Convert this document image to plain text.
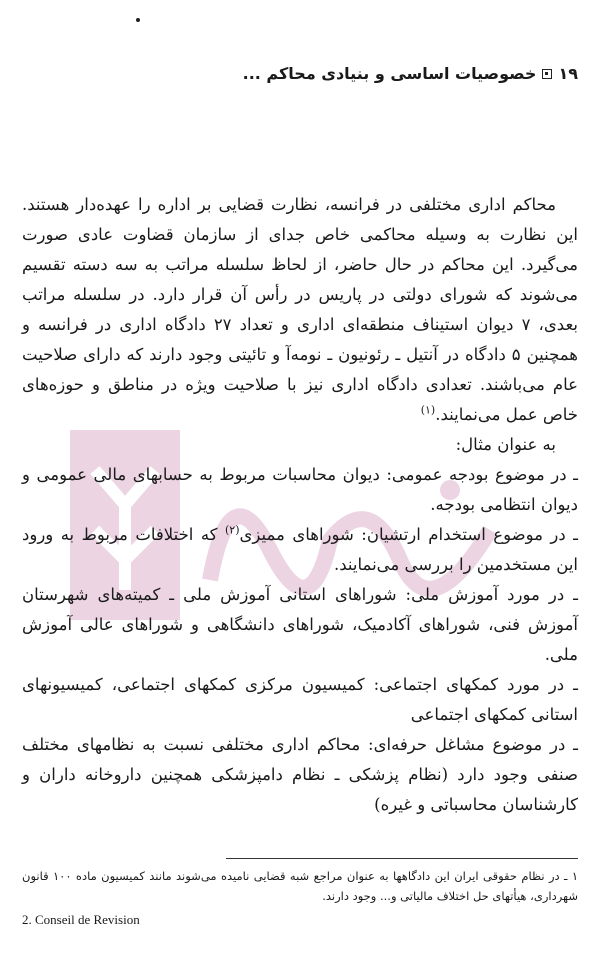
۱۹
خصوصیات اساسی و بنیادی محاکم ...

محاکم اداری مختلفی در فرانسه، نظارت قضایی بر اداره را عهده‌دار هستند. این نظارت به وسیله محاکمی خاص جدای از سازمان قضاوت عادی صورت می‌گیرد. این محاکم در حال حاضر، از لحاظ سلسله مراتب به سه دسته تقسیم می‌شوند که شورای دولتی در پاریس در رأس آن قرار دارد. در سلسله مراتب بعدی، ۷ دیوان استیناف منطقه‌ای اداری و تعداد ۲۷ دادگاه اداری در فرانسه و همچنین ۵ دادگاه در آنتیل ـ رئونیون ـ نومه‌آ و تائیتی وجود دارند که دارای صلاحیت عام می‌باشند. تعدادی دادگاه اداری نیز با صلاحیت ویژه در مناطق و حوزه‌های خاص عمل می‌نمایند.$^{(۱)}$

به عنوان مثال:

ـ در موضوع بودجه عمومی: دیوان محاسبات مربوط به حسابهای مالی عمومی و دیوان انتظامی بودجه.

ـ در موضوع استخدام ارتشیان: شوراهای ممیزی$^{(۲)}$ که اختلافات مربوط به ورود این مستخدمین را بررسی می‌نمایند.

ـ در مورد آموزش ملی: شوراهای استانی آموزش ملی ـ کمیته‌های شهرستان آموزش فنی، شوراهای آکادمیک، شوراهای دانشگاهی و شوراهای عالی آموزش ملی.

ـ در مورد کمکهای اجتماعی: کمیسیون مرکزی کمکهای اجتماعی، کمیسیونهای استانی کمکهای اجتماعی

ـ در موضوع مشاغل حرفه‌ای: محاکم اداری مختلفی نسبت به نظامهای مختلف صنفی وجود دارد (نظام پزشکی ـ نظام دامپزشکی همچنین داروخانه داران و کارشناسان محاسباتی و غیره)

۱ ـ در نظام حقوقی ایران این دادگاهها به عنوان مراجع شبه قضایی نامیده می‌شوند مانند کمیسیون ماده ۱۰۰ قانون شهرداری، هیأتهای حل اختلاف مالیاتی و... وجود دارند.
2. Conseil de Revision
